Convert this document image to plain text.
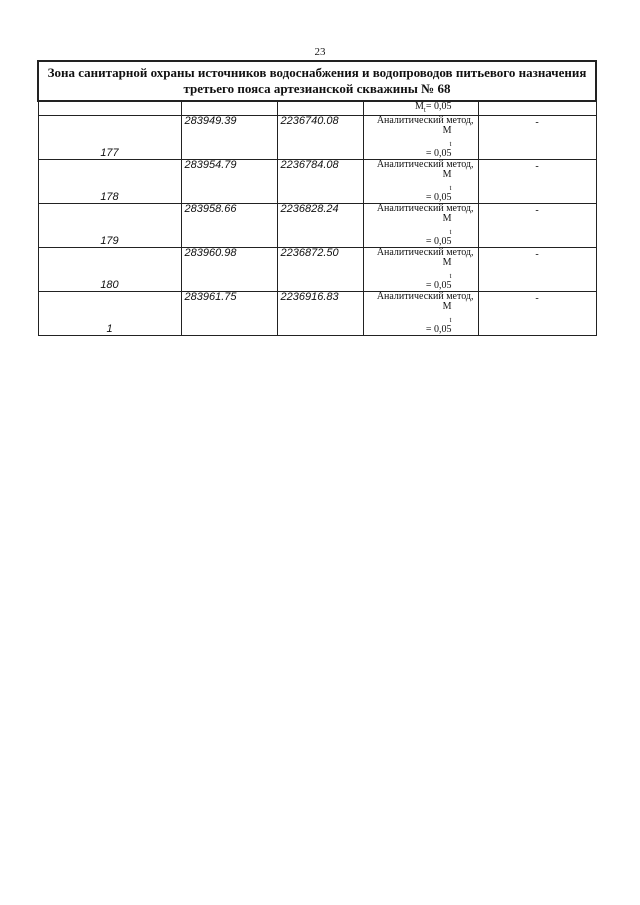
23
Зона санитарной охраны источников водоснабжения и водопроводов питьевого назначения
третьего пояса артезианской скважины № 68				
			$M_t= 0,05$	
177	283949.39	2236740.08	Аналитический метод,
M
$_t$
= 0,05	-
178	283954.79	2236784.08	Аналитический метод,
M
$_t$
= 0,05	-
179	283958.66	2236828.24	Аналитический метод,
M
$_t$
= 0,05	-
180	283960.98	2236872.50	Аналитический метод,
M
$_t$
= 0,05	-
1	283961.75	2236916.83	Аналитический метод,
M
$_t$
= 0,05	-
